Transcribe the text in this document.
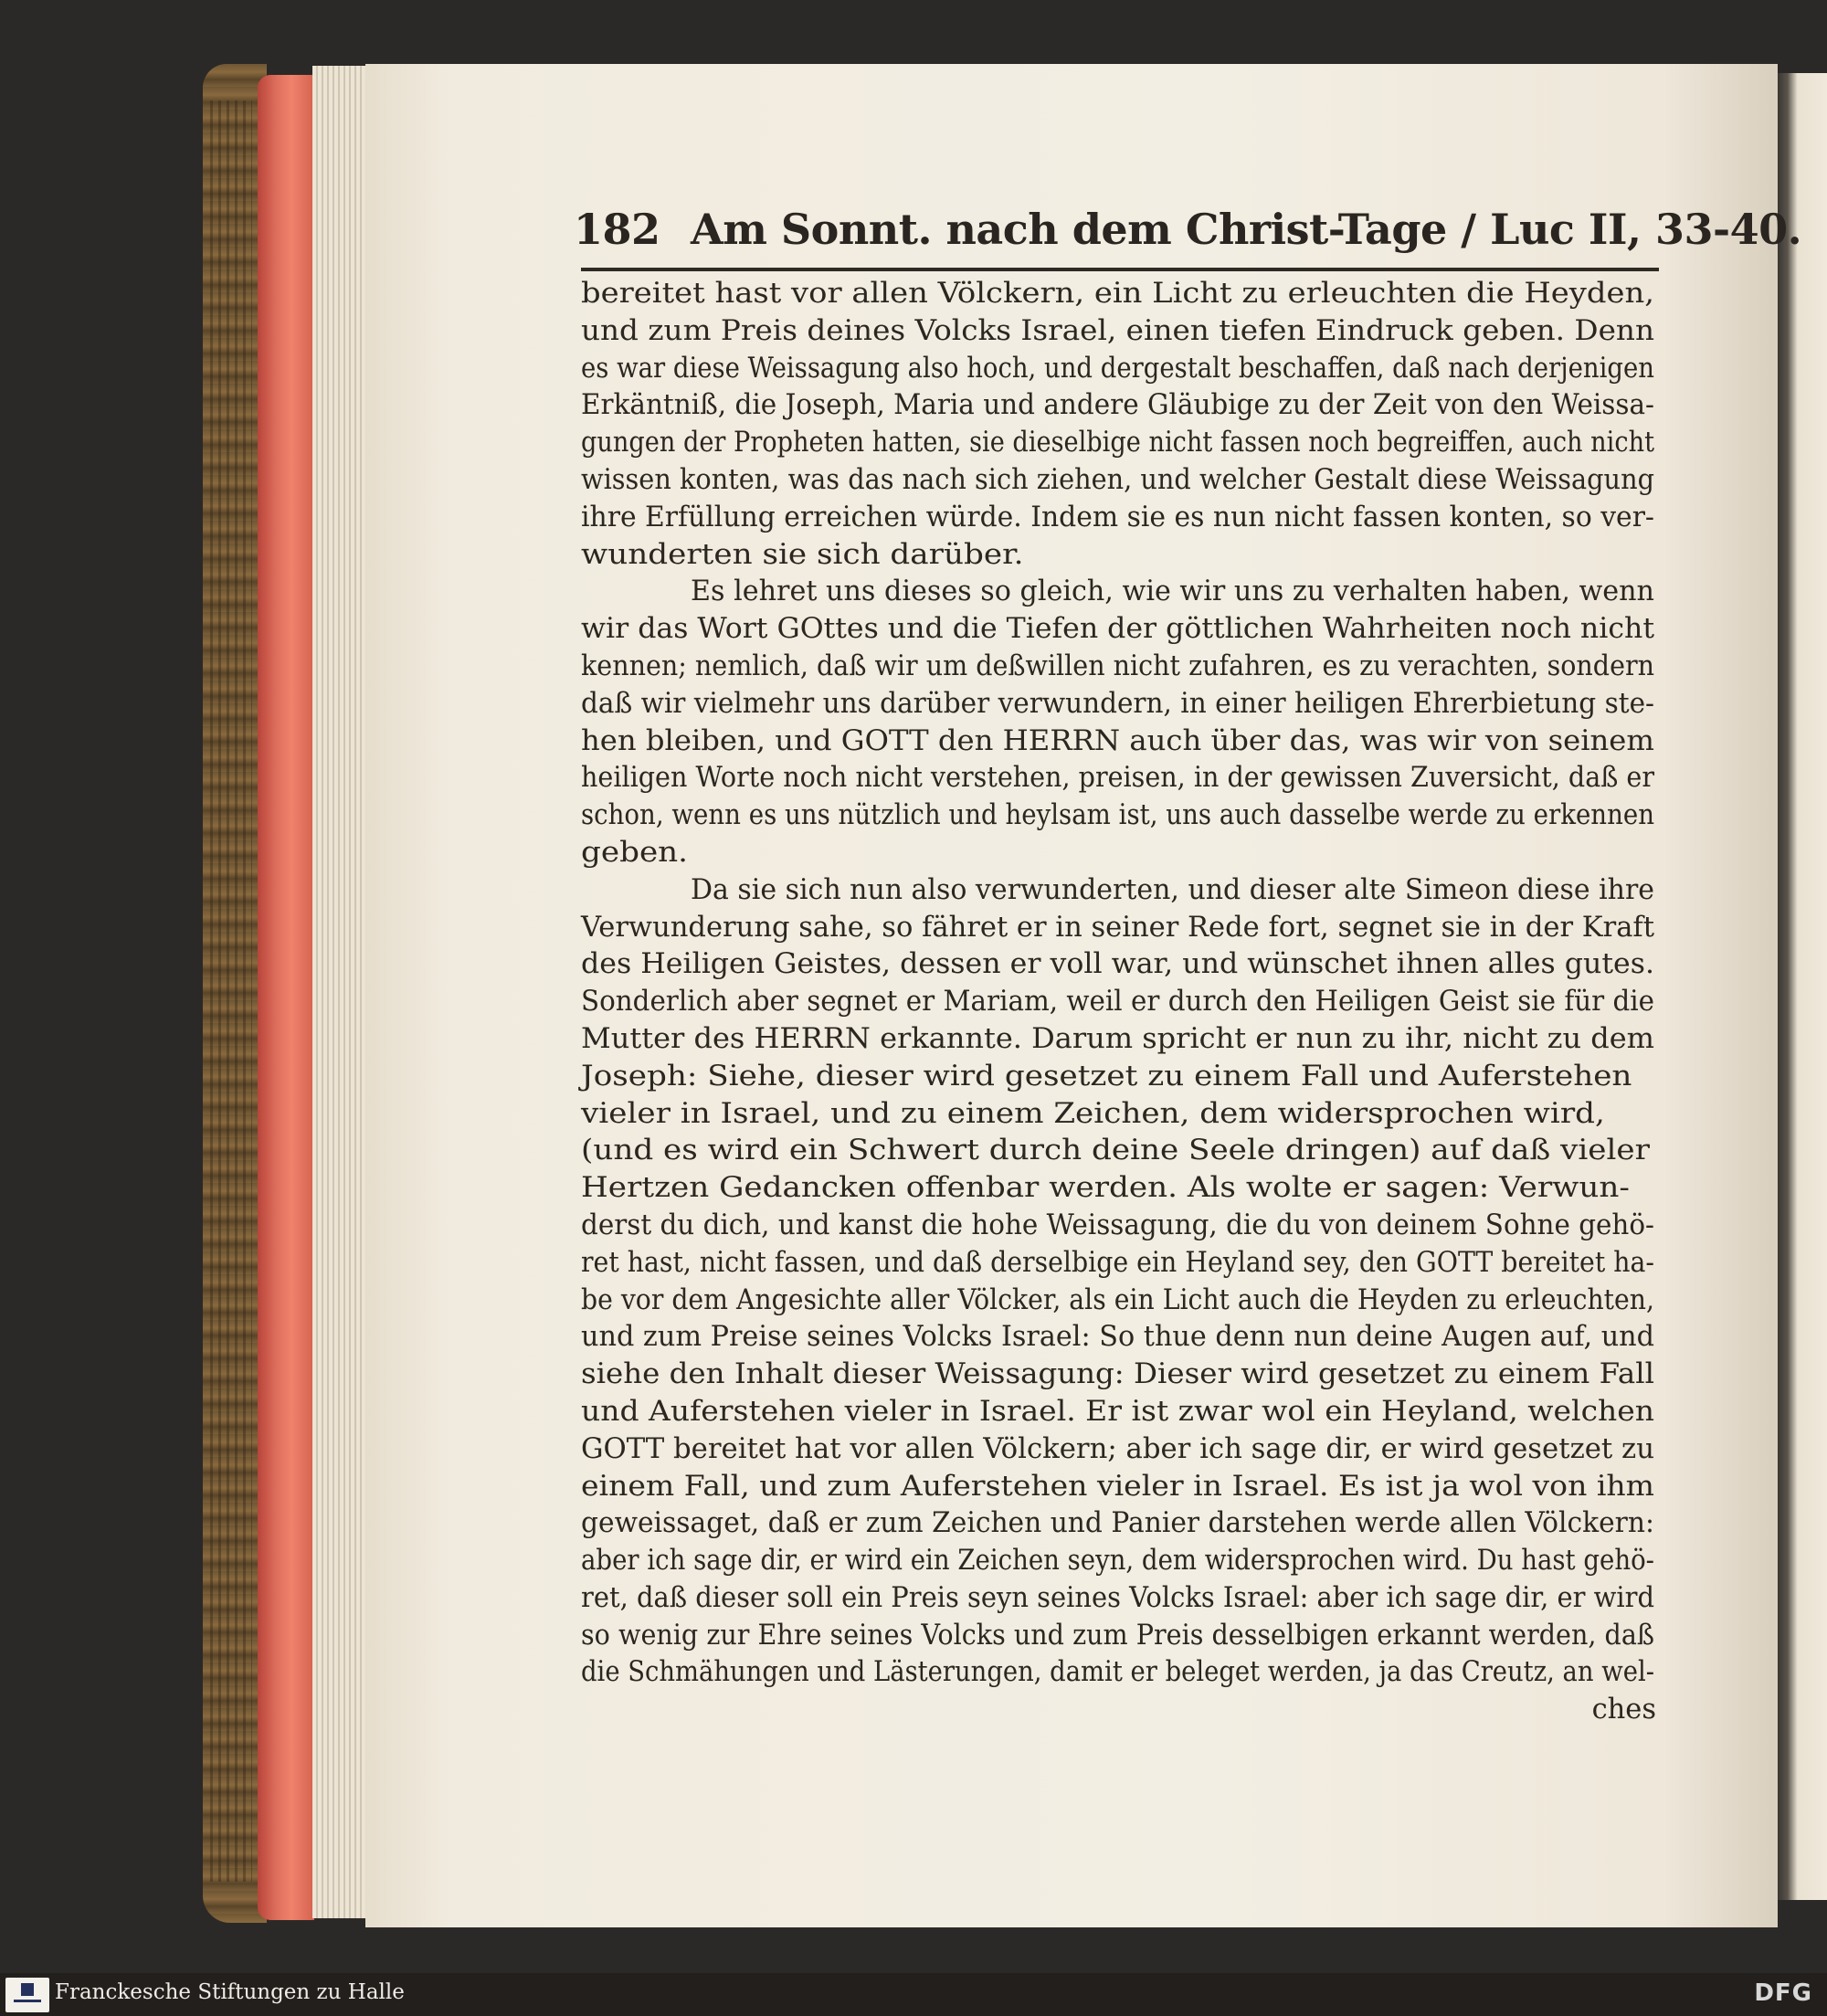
182 Am Sonnt. nach dem Christ-Tage / Luc II, 33-40.
bereitet hast vor allen Völckern, ein Licht zu erleuchten die Heyden,
und zum Preis deines Volcks Israel, einen tiefen Eindruck geben. Denn
es war diese Weissagung also hoch, und dergestalt beschaffen, daß nach derjenigen
Erkäntniß, die Joseph, Maria und andere Gläubige zu der Zeit von den Weissa-
gungen der Propheten hatten, sie dieselbige nicht fassen noch begreiffen, auch nicht
wissen konten, was das nach sich ziehen, und welcher Gestalt diese Weissagung
ihre Erfüllung erreichen würde. Indem sie es nun nicht fassen konten, so ver-
wunderten sie sich darüber.
Es lehret uns dieses so gleich, wie wir uns zu verhalten haben, wenn
wir das Wort GOttes und die Tiefen der göttlichen Wahrheiten noch nicht
kennen; nemlich, daß wir um deßwillen nicht zufahren, es zu verachten, sondern
daß wir vielmehr uns darüber verwundern, in einer heiligen Ehrerbietung ste-
hen bleiben, und GOTT den HERRN auch über das, was wir von seinem
heiligen Worte noch nicht verstehen, preisen, in der gewissen Zuversicht, daß er
schon, wenn es uns nützlich und heylsam ist, uns auch dasselbe werde zu erkennen
geben.
Da sie sich nun also verwunderten, und dieser alte Simeon diese ihre
Verwunderung sahe, so fähret er in seiner Rede fort, segnet sie in der Kraft
des Heiligen Geistes, dessen er voll war, und wünschet ihnen alles gutes.
Sonderlich aber segnet er Mariam, weil er durch den Heiligen Geist sie für die
Mutter des HERRN erkannte. Darum spricht er nun zu ihr, nicht zu dem
Joseph: Siehe, dieser wird gesetzet zu einem Fall und Auferstehen
vieler in Israel, und zu einem Zeichen, dem widersprochen wird,
(und es wird ein Schwert durch deine Seele dringen) auf daß vieler
Hertzen Gedancken offenbar werden. Als wolte er sagen: Verwun-
derst du dich, und kanst die hohe Weissagung, die du von deinem Sohne gehö-
ret hast, nicht fassen, und daß derselbige ein Heyland sey, den GOTT bereitet ha-
be vor dem Angesichte aller Völcker, als ein Licht auch die Heyden zu erleuchten,
und zum Preise seines Volcks Israel: So thue denn nun deine Augen auf, und
siehe den Inhalt dieser Weissagung: Dieser wird gesetzet zu einem Fall
und Auferstehen vieler in Israel. Er ist zwar wol ein Heyland, welchen
GOTT bereitet hat vor allen Völckern; aber ich sage dir, er wird gesetzet zu
einem Fall, und zum Auferstehen vieler in Israel. Es ist ja wol von ihm
geweissaget, daß er zum Zeichen und Panier darstehen werde allen Völckern:
aber ich sage dir, er wird ein Zeichen seyn, dem widersprochen wird. Du hast gehö-
ret, daß dieser soll ein Preis seyn seines Volcks Israel: aber ich sage dir, er wird
so wenig zur Ehre seines Volcks und zum Preis desselbigen erkannt werden, daß
die Schmähungen und Lästerungen, damit er beleget werden, ja das Creutz, an wel-
ches
Franckesche Stiftungen zu Halle	DFG
